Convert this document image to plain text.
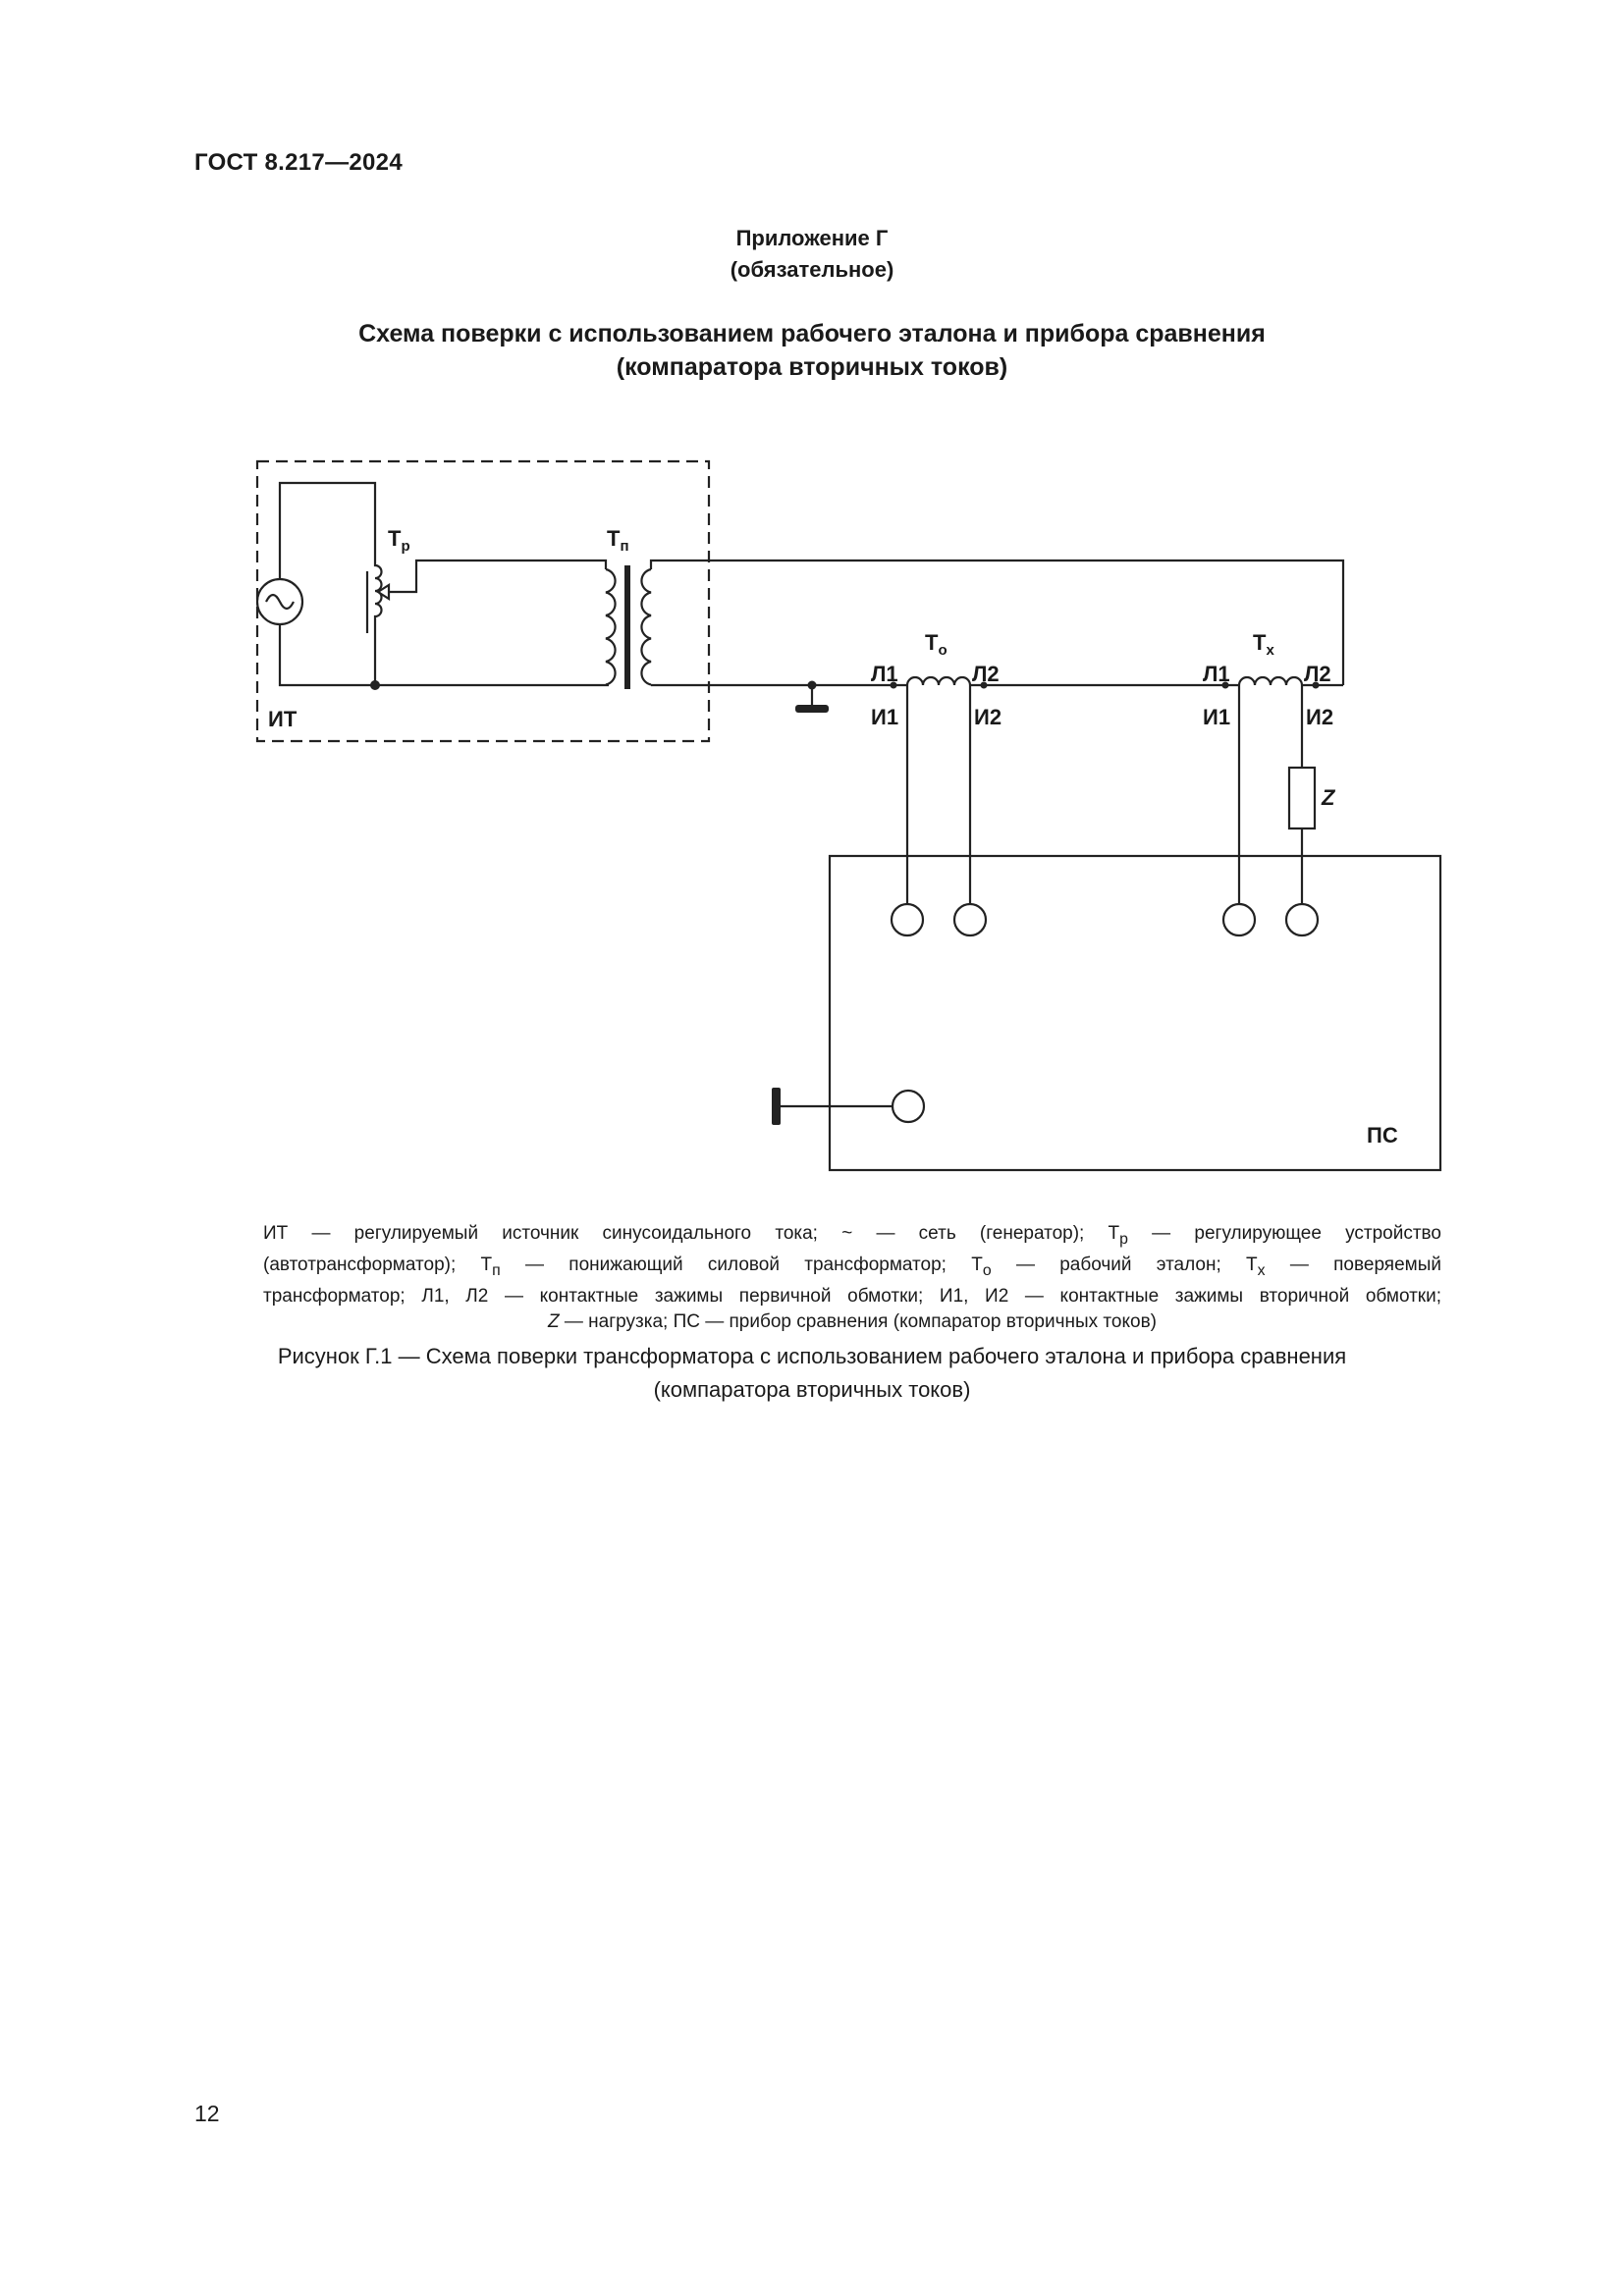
ГОСТ 8.217—2024
Приложение Г
(обязательное)
Схема поверки с использованием рабочего эталона и прибора сравнения
(компаратора вторичных токов)
$Т_р$	$Т_п$
ИТ
$Т_о$	$Т_х$
Л1	Л2
И1	И2
Л1	Л2
И1	И2
Z
ПС
ИТ — регулируемый источник синусоидального тока; ~ — сеть (генератор); $Т_р$ — регулирующее устройство
(автотрансформатор); $Т_п$ — понижающий силовой трансформатор; $Т_о$ — рабочий эталон; $Т_х$ — поверяемый
трансформатор; Л1, Л2 — контактные зажимы первичной обмотки; И1, И2 — контактные зажимы вторичной обмотки;
Z — нагрузка; ПС — прибор сравнения (компаратор вторичных токов)
Рисунок Г.1 — Схема поверки трансформатора с использованием рабочего эталона и прибора сравнения
(компаратора вторичных токов)
12
